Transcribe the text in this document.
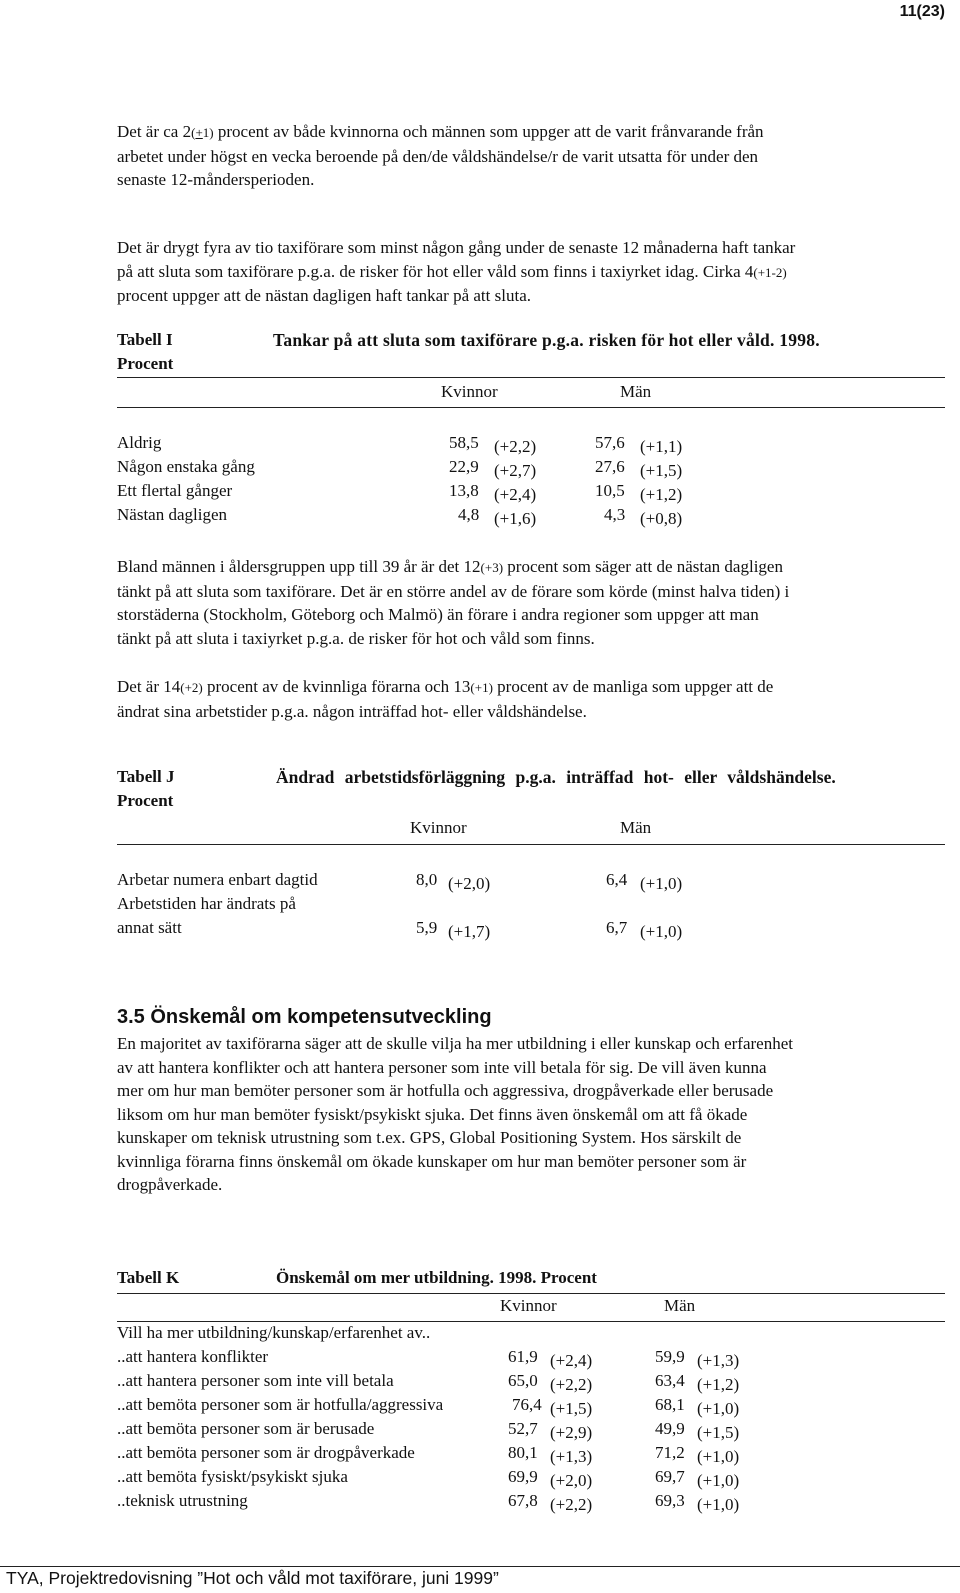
11(23)
Det är ca 2(+1) procent av både kvinnorna och männen som uppger att de varit frånvarande från
arbetet under högst en vecka beroende på den/de våldshändelse/r de varit utsatta för under den
senaste 12-måndersperioden.
Det är drygt fyra av tio taxiförare som minst någon gång under de senaste 12 månaderna haft tankar
på att sluta som taxiförare p.g.a. de risker för hot eller våld som finns i taxiyrket idag. Cirka 4(+1-2)
procent uppger att de nästan dagligen haft tankar på att sluta.
Tabell I
Procent
Tankar på att sluta som taxiförare p.g.a. risken för hot eller våld. 1998.
Kvinnor	Män
Aldrig	58,5 (+2,2)	57,6 (+1,1)
Någon enstaka gång	22,9 (+2,7)	27,6 (+1,5)
Ett flertal gånger	13,8 (+2,4)	10,5 (+1,2)
Nästan dagligen	4,8 (+1,6)	4,3 (+0,8)
Bland männen i åldersgruppen upp till 39 år är det 12(+3) procent som säger att de nästan dagligen
tänkt på att sluta som taxiförare. Det är en större andel av de förare som körde (minst halva tiden) i
storstäderna (Stockholm, Göteborg och Malmö) än förare i andra regioner som uppger att man
tänkt på att sluta i taxiyrket p.g.a. de risker för hot och våld som finns.
Det är 14(+2) procent av de kvinnliga förarna och 13(+1) procent av de manliga som uppger att de
ändrat sina arbetstider p.g.a. någon inträffad hot- eller våldshändelse.
Tabell J
Procent
Ändrad arbetstidsförläggning p.g.a. inträffad hot- eller våldshändelse.
Kvinnor	Män
Arbetar numera enbart dagtid	8,0 (+2,0)	6,4 (+1,0)
Arbetstiden har ändrats på
annat sätt	5,9 (+1,7)	6,7 (+1,0)
3.5 Önskemål om kompetensutveckling
En majoritet av taxiförarna säger att de skulle vilja ha mer utbildning i eller kunskap och erfarenhet
av att hantera konflikter och att hantera personer som inte vill betala för sig. De vill även kunna
mer om hur man bemöter personer som är hotfulla och aggressiva, drogpåverkade eller berusade
liksom om hur man bemöter fysiskt/psykiskt sjuka. Det finns även önskemål om att få ökade
kunskaper om teknisk utrustning som t.ex. GPS, Global Positioning System. Hos särskilt de
kvinnliga förarna finns önskemål om ökade kunskaper om hur man bemöter personer som är
drogpåverkade.
Tabell K	Önskemål om mer utbildning. 1998. Procent
Kvinnor	Män
Vill ha mer utbildning/kunskap/erfarenhet av..
..att hantera konflikter	61,9 (+2,4)	59,9 (+1,3)
..att hantera personer som inte vill betala	65,0 (+2,2)	63,4 (+1,2)
..att bemöta personer som är hotfulla/aggressiva	76,4 (+1,5)	68,1 (+1,0)
..att bemöta personer som är berusade	52,7 (+2,9)	49,9 (+1,5)
..att bemöta personer som är drogpåverkade	80,1 (+1,3)	71,2 (+1,0)
..att bemöta fysiskt/psykiskt sjuka	69,9 (+2,0)	69,7 (+1,0)
..teknisk utrustning	67,8 (+2,2)	69,3 (+1,0)
TYA, Projektredovisning ”Hot och våld mot taxiförare, juni 1999”
